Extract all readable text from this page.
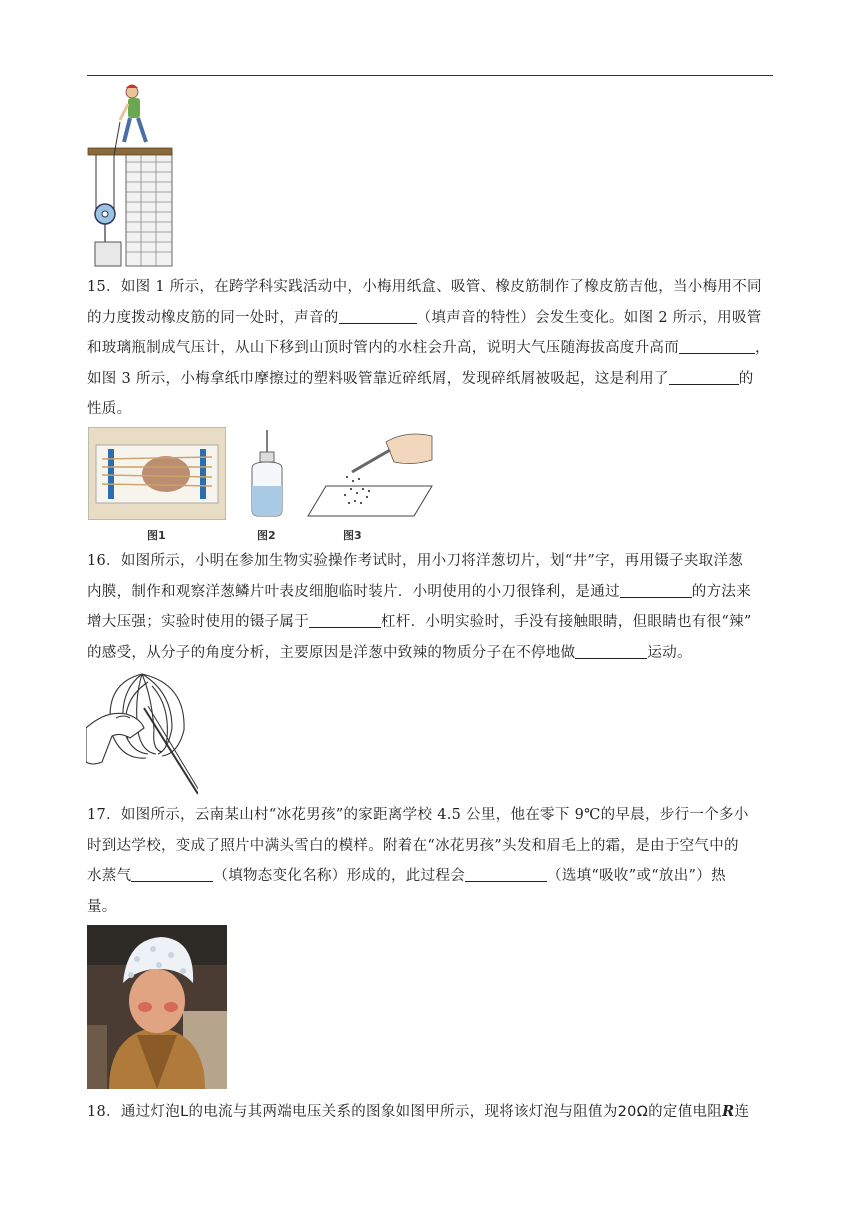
15．如图 1 所示，在跨学科实践活动中，小梅用纸盒、吸管、橡皮筋制作了橡皮筋吉他，当小梅用不同
的力度拨动橡皮筋的同一处时，声音的	（填声音的特性）会发生变化。如图 2 所示，用吸管
和玻璃瓶制成气压计，从山下移到山顶时管内的水柱会升高，说明大气压随海拔高度升高而	，
如图 3 所示，小梅拿纸巾摩擦过的塑料吸管靠近碎纸屑，发现碎纸屑被吸起，这是利用了	的
性质。
图1	图2	图3
16．如图所示，小明在参加生物实验操作考试时，用小刀将洋葱切片，划“井”字，再用镊子夹取洋葱
内膜，制作和观察洋葱鳞片叶表皮细胞临时装片．小明使用的小刀很锋利，是通过	的方法来
增大压强；实验时使用的镊子属于	杠杆．小明实验时，手没有接触眼睛，但眼睛也有很“辣”
的感受，从分子的角度分析，主要原因是洋葱中致辣的物质分子在不停地做	运动。
17．如图所示，云南某山村“冰花男孩”的家距离学校 4.5 公里，他在零下 9℃的早晨，步行一个多小
时到达学校，变成了照片中满头雪白的模样。附着在“冰花男孩”头发和眉毛上的霜，是由于空气中的
水蒸气	（填物态变化名称）形成的，此过程会	（选填“吸收”或“放出”）热
量。
18．通过灯泡L的电流与其两端电压关系的图象如图甲所示，现将该灯泡与阻值为20Ω的定值电阻R连
